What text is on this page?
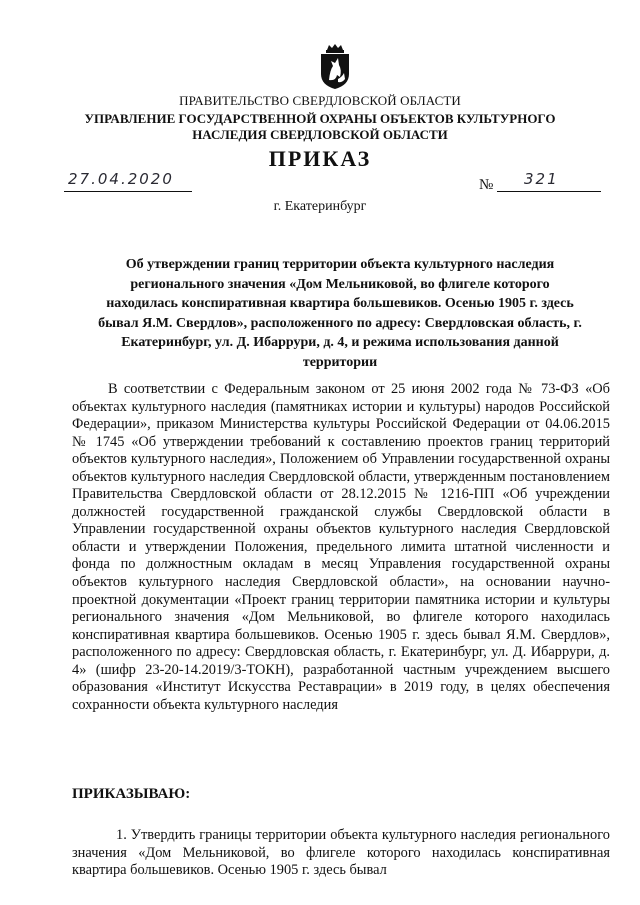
ПРАВИТЕЛЬСТВО СВЕРДЛОВСКОЙ ОБЛАСТИ
УПРАВЛЕНИЕ ГОСУДАРСТВЕННОЙ ОХРАНЫ ОБЪЕКТОВ КУЛЬТУРНОГО НАСЛЕДИЯ СВЕРДЛОВСКОЙ ОБЛАСТИ
ПРИКАЗ
27.04.2020	№ 321
г. Екатеринбург
Об утверждении границ территории объекта культурного наследия регионального значения «Дом Мельниковой, во флигеле которого находилась конспиративная квартира большевиков. Осенью 1905 г. здесь бывал Я.М. Свердлов», расположенного по адресу: Свердловская область, г. Екатеринбург, ул. Д. Ибаррури, д. 4, и режима использования данной территории

В соответствии с Федеральным законом от 25 июня 2002 года № 73-ФЗ «Об объектах культурного наследия (памятниках истории и культуры) народов Российской Федерации», приказом Министерства культуры Российской Федерации от 04.06.2015 № 1745 «Об утверждении требований к составлению проектов границ территорий объектов культурного наследия», Положением об Управлении государственной охраны объектов культурного наследия Свердловской области, утвержденным постановлением Правительства Свердловской области от 28.12.2015 № 1216-ПП «Об учреждении должностей государственной гражданской службы Свердловской области в Управлении государственной охраны объектов культурного наследия Свердловской области и утверждении Положения, предельного лимита штатной численности и фонда по должностным окладам в месяц Управления государственной охраны объектов культурного наследия Свердловской области», на основании научно-проектной документации «Проект границ территории памятника истории и культуры регионального значения «Дом Мельниковой, во флигеле которого находилась конспиративная квартира большевиков. Осенью 1905 г. здесь бывал Я.М. Свердлов», расположенного по адресу: Свердловская область, г. Екатеринбург, ул. Д. Ибаррури, д. 4» (шифр 23-20-14.2019/3-ТОКН), разработанной частным учреждением высшего образования «Институт Искусства Реставрации» в 2019 году, в целях обеспечения сохранности объекта культурного наследия

ПРИКАЗЫВАЮ:

1. Утвердить границы территории объекта культурного наследия регионального значения «Дом Мельниковой, во флигеле которого находилась конспиративная квартира большевиков. Осенью 1905 г. здесь бывал
